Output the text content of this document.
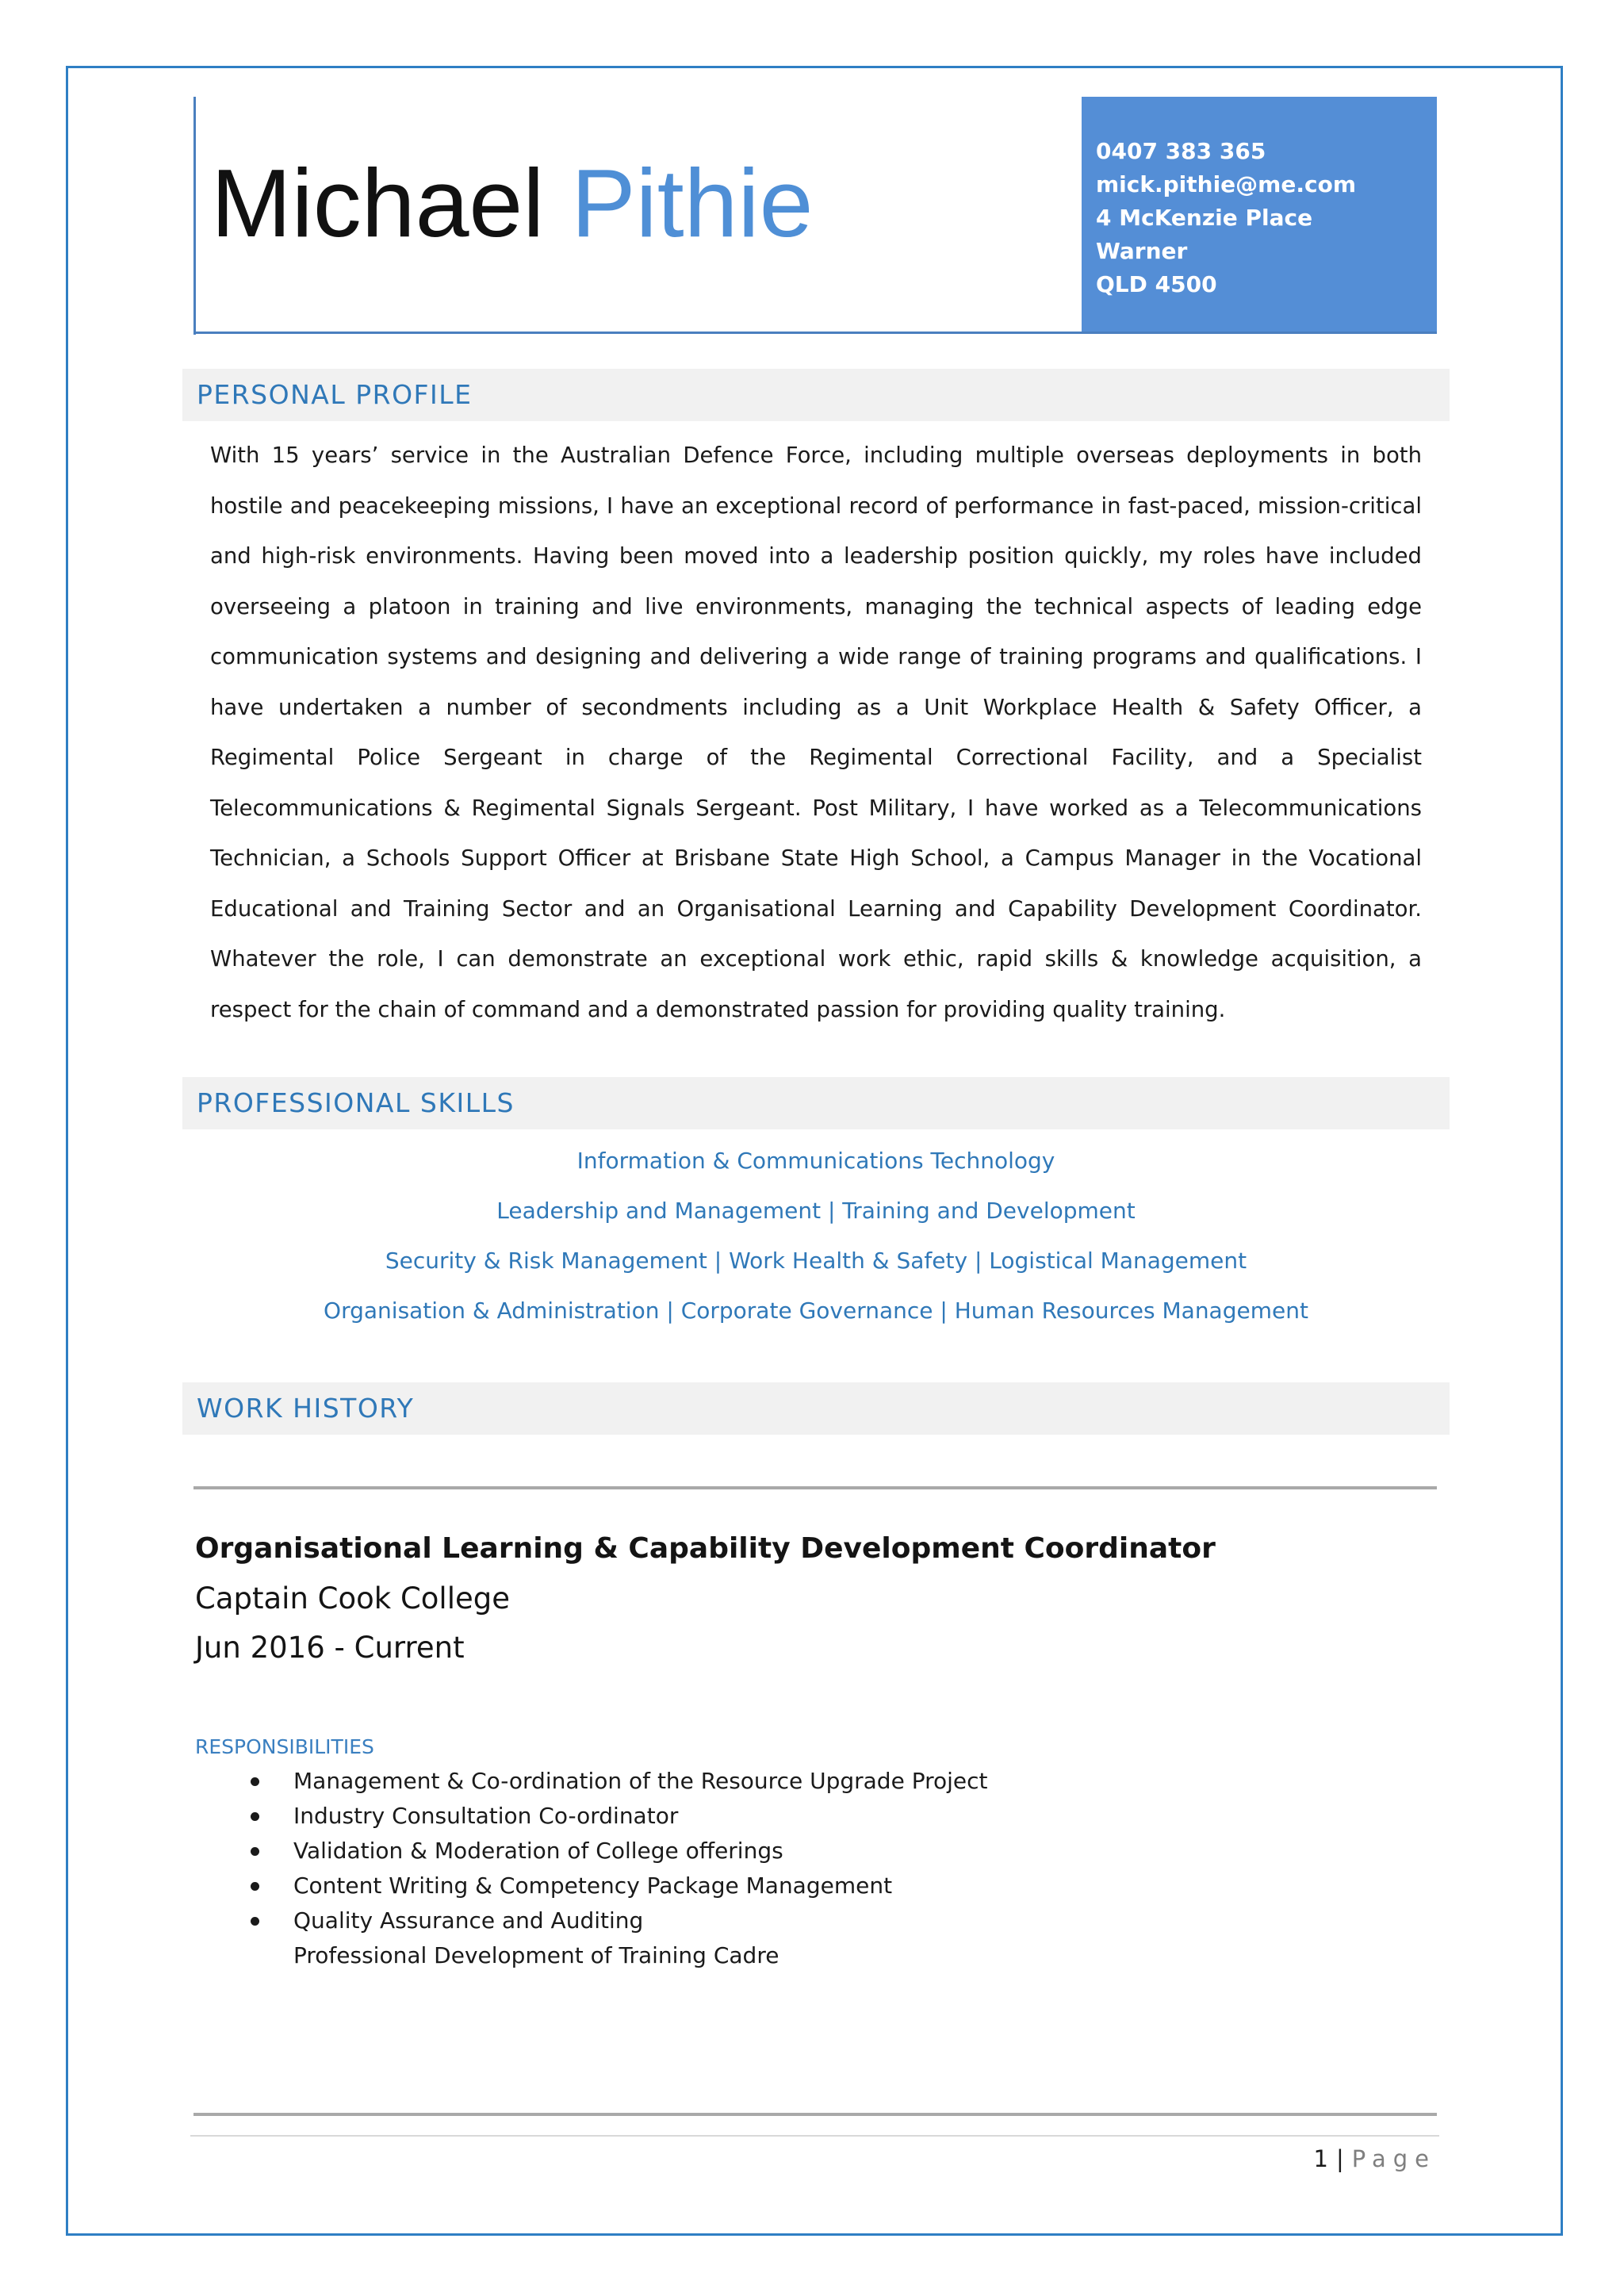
Michael Pithie	0407 383 365
mick.pithie@me.com
4 McKenzie Place
Warner
QLD 4500
PERSONAL PROFILE
With 15 years’ service in the Australian Defence Force, including multiple overseas deployments in both hostile and peacekeeping missions, I have an exceptional record of performance in fast-paced, mission-critical and high-risk environments. Having been moved into a leadership position quickly, my roles have included overseeing a platoon in training and live environments, managing the technical aspects of leading edge communication systems and designing and delivering a wide range of training programs and qualifications. I have undertaken a number of secondments including as a Unit Workplace Health & Safety Officer, a Regimental Police Sergeant in charge of the Regimental Correctional Facility, and a Specialist Telecommunications & Regimental Signals Sergeant. Post Military, I have worked as a Telecommunications Technician, a Schools Support Officer at Brisbane State High School, a Campus Manager in the Vocational Educational and Training Sector and an Organisational Learning and Capability Development Coordinator. Whatever the role, I can demonstrate an exceptional work ethic, rapid skills & knowledge acquisition, a respect for the chain of command and a demonstrated passion for providing quality training.
PROFESSIONAL SKILLS
Information & Communications Technology
Leadership and Management | Training and Development
Security & Risk Management | Work Health & Safety | Logistical Management
Organisation & Administration | Corporate Governance | Human Resources Management
WORK HISTORY
Organisational Learning & Capability Development Coordinator
Captain Cook College
Jun 2016 - Current
RESPONSIBILITIES
Management & Co-ordination of the Resource Upgrade Project
Industry Consultation Co-ordinator
Validation & Moderation of College offerings
Content Writing & Competency Package Management
Quality Assurance and Auditing
Professional Development of Training Cadre
1 | Page
